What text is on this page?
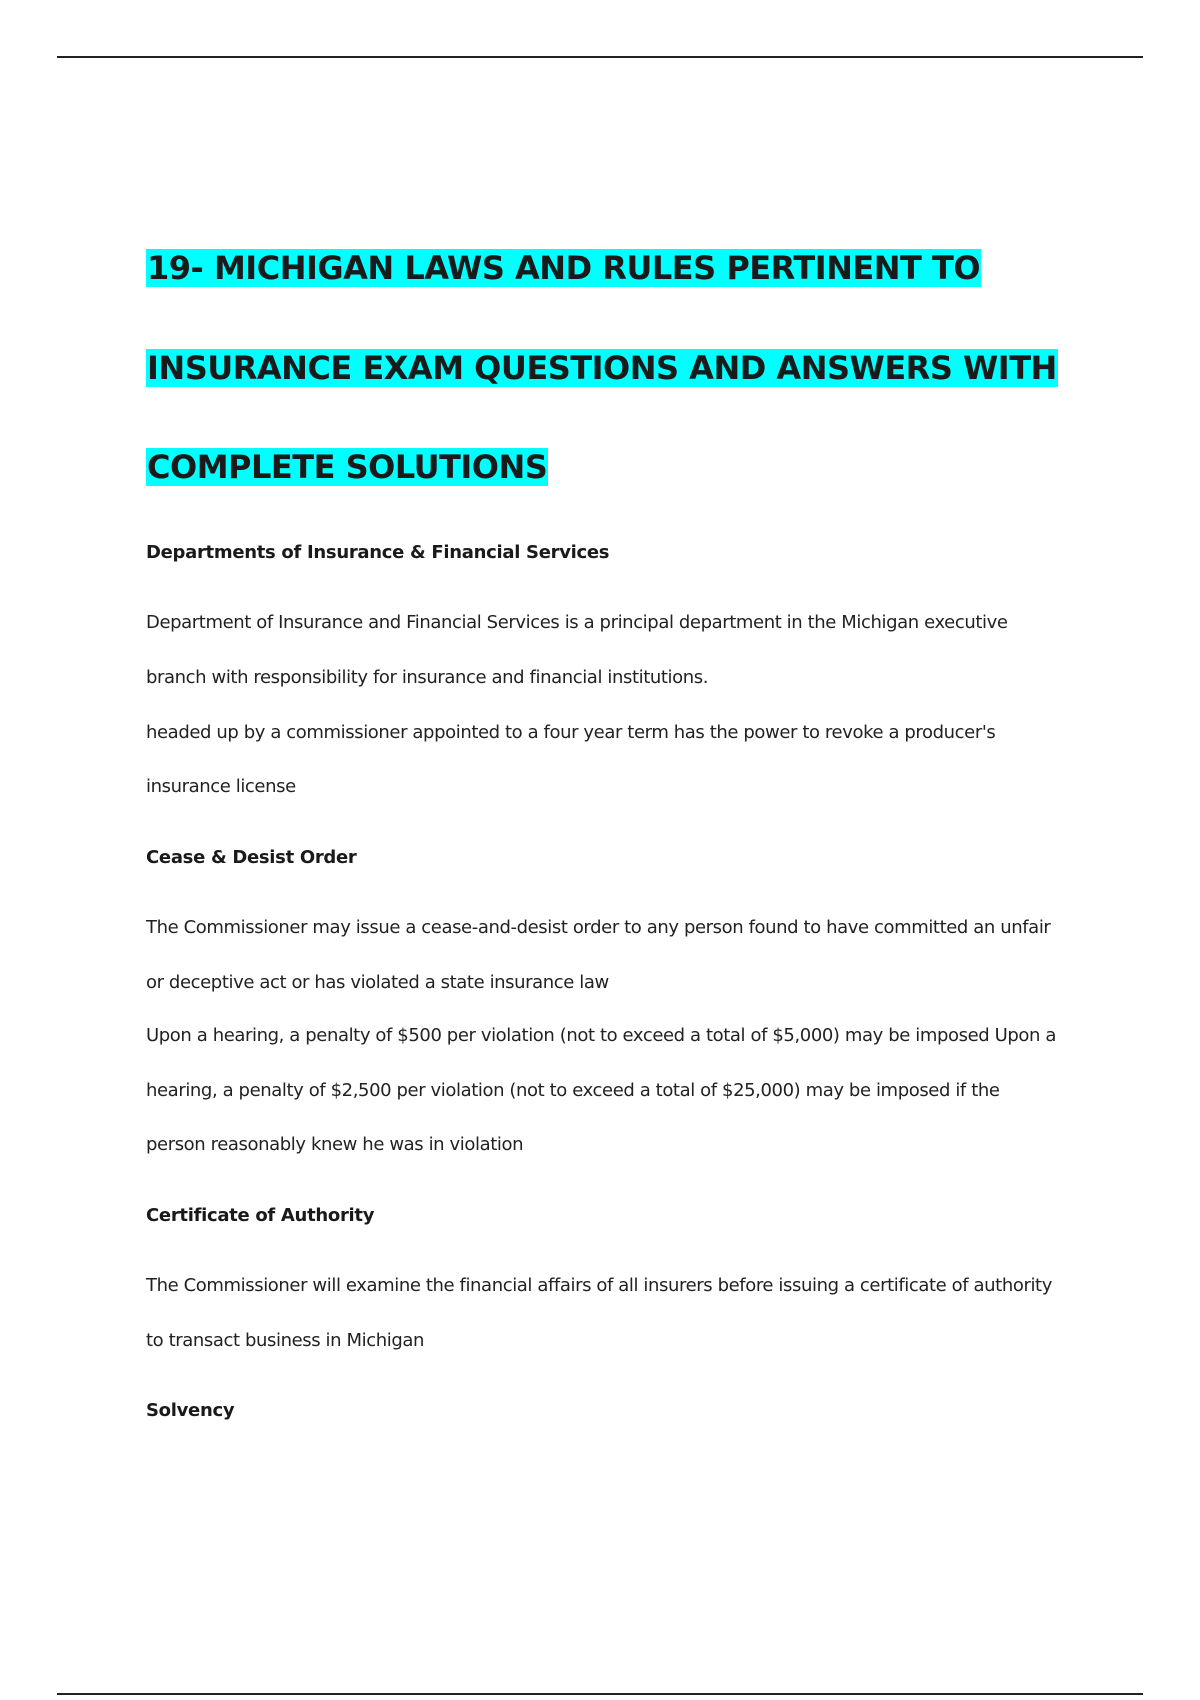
19- MICHIGAN LAWS AND RULES PERTINENT TO
INSURANCE EXAM QUESTIONS AND ANSWERS WITH
COMPLETE SOLUTIONS
Departments of Insurance & Financial Services

Department of Insurance and Financial Services is a principal department in the Michigan executive

branch with responsibility for insurance and financial institutions.

headed up by a commissioner appointed to a four year term has the power to revoke a producer's

insurance license

Cease & Desist Order

The Commissioner may issue a cease-and-desist order to any person found to have committed an unfair

or deceptive act or has violated a state insurance law

Upon a hearing, a penalty of $500 per violation (not to exceed a total of $5,000) may be imposed Upon a

hearing, a penalty of $2,500 per violation (not to exceed a total of $25,000) may be imposed if the

person reasonably knew he was in violation

Certificate of Authority

The Commissioner will examine the financial affairs of all insurers before issuing a certificate of authority

to transact business in Michigan

Solvency
